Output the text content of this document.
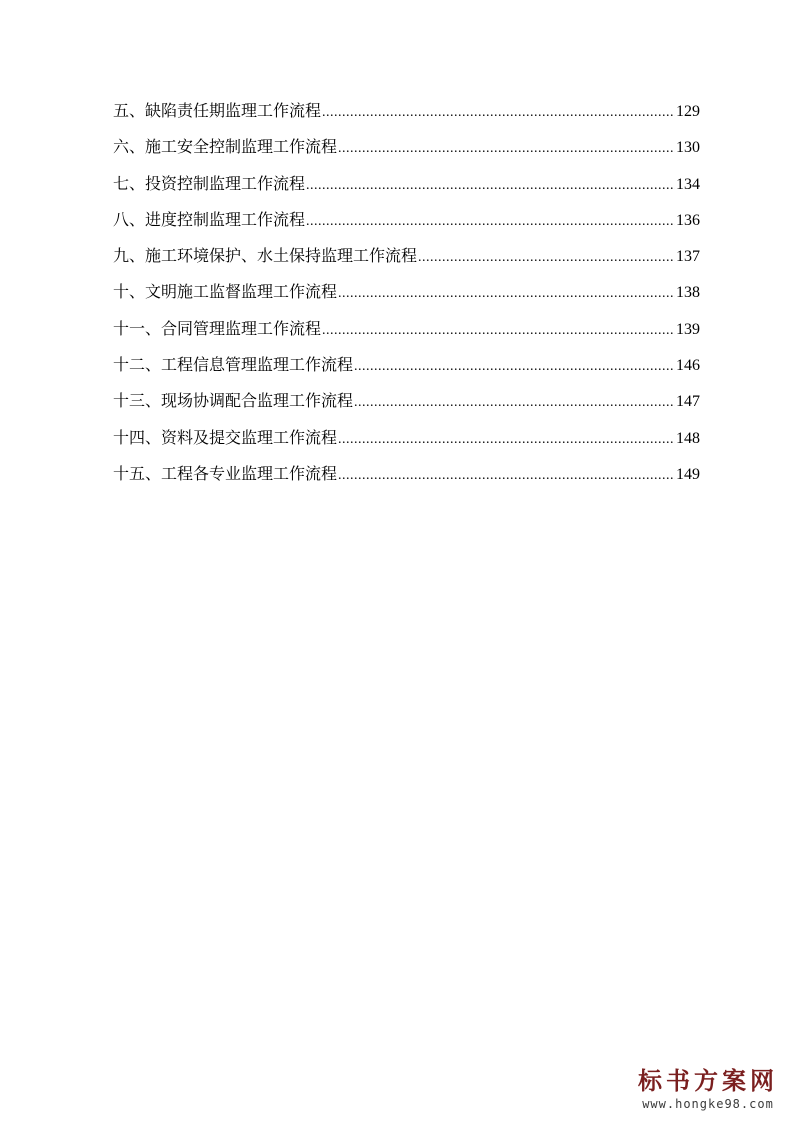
五、缺陷责任期监理工作流程 .....	129
六、施工安全控制监理工作流程 .....	130
七、投资控制监理工作流程 .....	134
八、进度控制监理工作流程 .....	136
九、施工环境保护、水土保持监理工作流程 .....	137
十、文明施工监督监理工作流程 .....	138
十一、合同管理监理工作流程 .....	139
十二、工程信息管理监理工作流程 .....	146
十三、现场协调配合监理工作流程 .....	147
十四、资料及提交监理工作流程 .....	148
十五、工程各专业监理工作流程 .....	149
标书方案网
www.hongke98.com
